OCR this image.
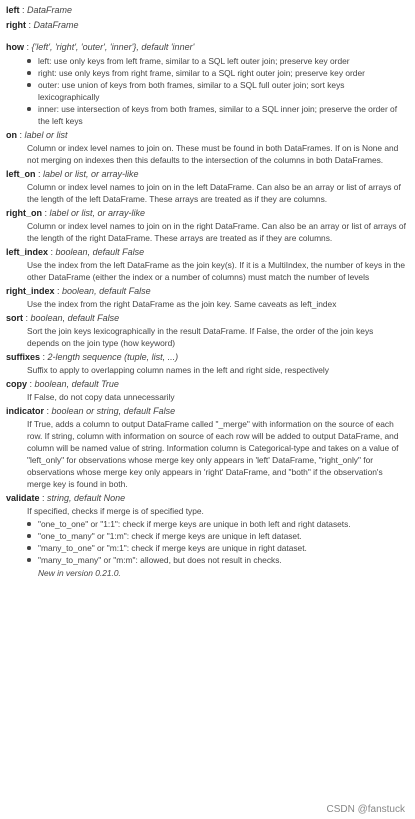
left : DataFrame
right : DataFrame
how : {'left', 'right', 'outer', 'inner'}, default 'inner'
left: use only keys from left frame, similar to a SQL left outer join; preserve key order
right: use only keys from right frame, similar to a SQL right outer join; preserve key order
outer: use union of keys from both frames, similar to a SQL full outer join; sort keys lexicographically
inner: use intersection of keys from both frames, similar to a SQL inner join; preserve the order of the left keys
on : label or list
Column or index level names to join on. These must be found in both DataFrames. If on is None and not merging on indexes then this defaults to the intersection of the columns in both DataFrames.
left_on : label or list, or array-like
Column or index level names to join on in the left DataFrame. Can also be an array or list of arrays of the length of the left DataFrame. These arrays are treated as if they are columns.
right_on : label or list, or array-like
Column or index level names to join on in the right DataFrame. Can also be an array or list of arrays of the length of the right DataFrame. These arrays are treated as if they are columns.
left_index : boolean, default False
Use the index from the left DataFrame as the join key(s). If it is a MultiIndex, the number of keys in the other DataFrame (either the index or a number of columns) must match the number of levels
right_index : boolean, default False
Use the index from the right DataFrame as the join key. Same caveats as left_index
sort : boolean, default False
Sort the join keys lexicographically in the result DataFrame. If False, the order of the join keys depends on the join type (how keyword)
suffixes : 2-length sequence (tuple, list, ...)
Suffix to apply to overlapping column names in the left and right side, respectively
copy : boolean, default True
If False, do not copy data unnecessarily
indicator : boolean or string, default False
If True, adds a column to output DataFrame called "_merge" with information on the source of each row. If string, column with information on source of each row will be added to output DataFrame, and column will be named value of string. Information column is Categorical-type and takes on a value of "left_only" for observations whose merge key only appears in 'left' DataFrame, "right_only" for observations whose merge key only appears in 'right' DataFrame, and "both" if the observation's merge key is found in both.
validate : string, default None
If specified, checks if merge is of specified type.
"one_to_one" or "1:1": check if merge keys are unique in both left and right datasets.
"one_to_many" or "1:m": check if merge keys are unique in left dataset.
"many_to_one" or "m:1": check if merge keys are unique in right dataset.
"many_to_many" or "m:m": allowed, but does not result in checks.
New in version 0.21.0.
CSDN @fanstuck
